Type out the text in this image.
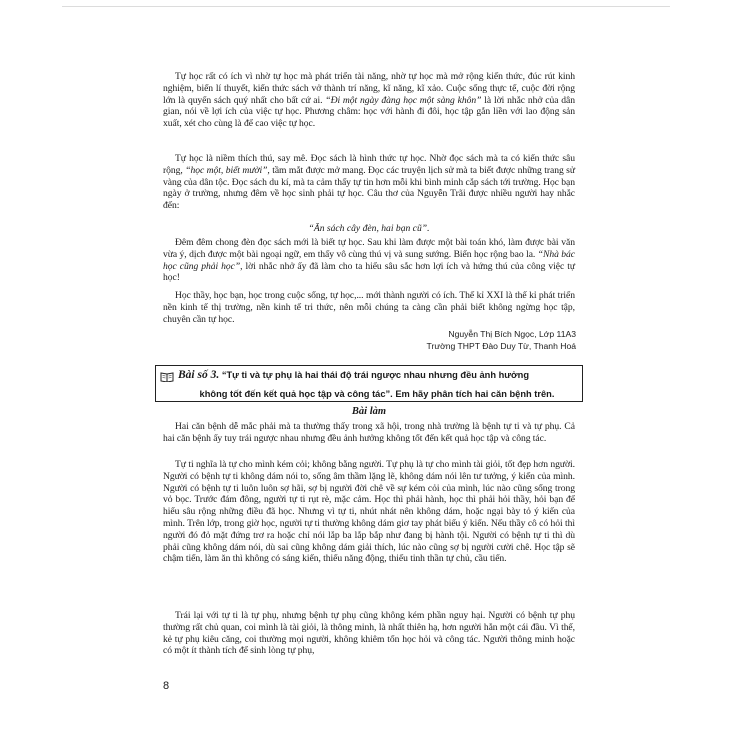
Tự học rất có ích vì nhờ tự học mà phát triển tài năng, nhờ tự học mà mở rộng kiến thức, đúc rút kinh nghiệm, biến lí thuyết, kiến thức sách vở thành trí năng, kĩ năng, kĩ xảo. Cuộc sống thực tế, cuộc đời rộng lớn là quyển sách quý nhất cho bất cứ ai. “Đi một ngày đàng học một sàng khôn” là lời nhắc nhở của dân gian, nói về lợi ích của việc tự học. Phương châm: học với hành đi đôi, học tập gắn liền với lao động sản xuất, xét cho cùng là để cao việc tự học.
Tự học là niềm thích thú, say mê. Đọc sách là hình thức tự học. Nhờ đọc sách mà ta có kiến thức sâu rộng, “học một, biết mười”, tầm mắt được mở mang. Đọc các truyện lịch sử mà ta biết được những trang sử vàng của dân tộc. Đọc sách du kí, mà ta cảm thấy tự tin hơn mỗi khi bình minh cắp sách tới trường. Học bạn ngày ở trường, nhưng đêm về học sinh phải tự học. Câu thơ của Nguyễn Trãi được nhiều người hay nhắc đến:
“Ăn sách cây đèn, hai bạn cũ”.
Đêm đêm chong đèn đọc sách mới là biết tự học. Sau khi làm được một bài toán khó, làm được bài văn vừa ý, dịch được một bài ngoại ngữ, em thấy vô cùng thú vị và sung sướng. Biển học rộng bao la. “Nhà bác học cũng phải học”, lời nhắc nhở ấy đã làm cho ta hiểu sâu sắc hơn lợi ích và hứng thú của công việc tự học!
Học thầy, học bạn, học trong cuộc sống, tự học,... mới thành người có ích. Thế kỉ XXI là thế kỉ phát triển nền kinh tế thị trường, nền kinh tế tri thức, nên mỗi chúng ta càng cần phải biết không ngừng học tập, chuyên cần tự học.
Nguyễn Thị Bích Ngọc, Lớp 11A3
Trường THPT Đào Duy Từ, Thanh Hoá
Bài số 3. “Tự ti và tự phụ là hai thái độ trái ngược nhau nhưng đều ảnh hưởng
không tốt đến kết quả học tập và công tác”. Em hãy phân tích hai căn bệnh trên.
Bài làm
Hai căn bệnh dễ mắc phải mà ta thường thấy trong xã hội, trong nhà trường là bệnh tự ti và tự phụ. Cả hai căn bệnh ấy tuy trái ngược nhau nhưng đều ảnh hưởng không tốt đến kết quả học tập và công tác.
Tự ti nghĩa là tự cho mình kém cỏi; không bằng người. Tự phụ là tự cho mình tài giỏi, tốt đẹp hơn người. Người có bệnh tự ti không dám nói to, sống âm thầm lặng lẽ, không dám nói lên tư tưởng, ý kiến của mình. Người có bệnh tự ti luôn luôn sợ hãi, sợ bị người đời chê về sự kém cỏi của mình, lúc nào cũng sống trong vỏ bọc. Trước đám đông, người tự ti rụt rè, mặc cảm. Học thì phải hành, học thì phải hỏi thầy, hỏi bạn để hiểu sâu rộng những điều đã học. Nhưng vì tự ti, nhút nhát nên không dám, hoặc ngại bày tỏ ý kiến của mình. Trên lớp, trong giờ học, người tự ti thường không dám giơ tay phát biểu ý kiến. Nếu thầy cô có hỏi thì người đó đỏ mặt đứng trơ ra hoặc chỉ nói lắp ba lắp bắp như đang bị hành tội. Người có bệnh tự ti thì dù phải cũng không dám nói, dù sai cũng không dám giải thích, lúc nào cũng sợ bị người cười chê. Học tập sẽ chậm tiến, làm ăn thì không có sáng kiến, thiếu năng động, thiếu tinh thần tự chủ, cầu tiến.
Trái lại với tự ti là tự phụ, nhưng bệnh tự phụ cũng không kém phần nguy hại. Người có bệnh tự phụ thường rất chủ quan, coi mình là tài giỏi, là thông minh, là nhất thiên hạ, hơn người hẳn một cái đầu. Vì thế, kẻ tự phụ kiêu căng, coi thường mọi người, không khiêm tốn học hỏi và công tác. Người thông minh hoặc có một ít thành tích để sinh lòng tự phụ,
8
